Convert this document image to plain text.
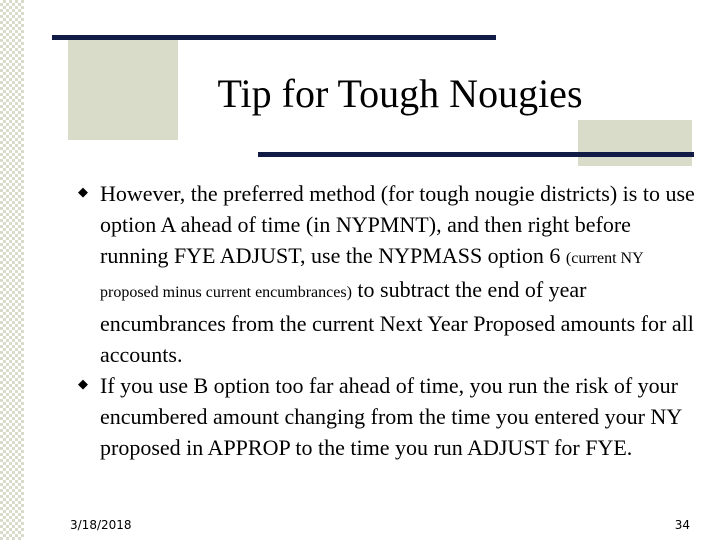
Tip for Tough Nougies
◆ However, the preferred method (for tough nougie districts) is to use option A ahead of time (in NYPMNT), and then right before running FYE ADJUST, use the NYPMASS option 6 (current NY proposed minus current encumbrances) to subtract the end of year encumbrances from the current Next Year Proposed amounts for all accounts.
◆ If you use B option too far ahead of time, you run the risk of your encumbered amount changing from the time you entered your NY proposed in APPROP to the time you run ADJUST for FYE.
3/18/2018	34
